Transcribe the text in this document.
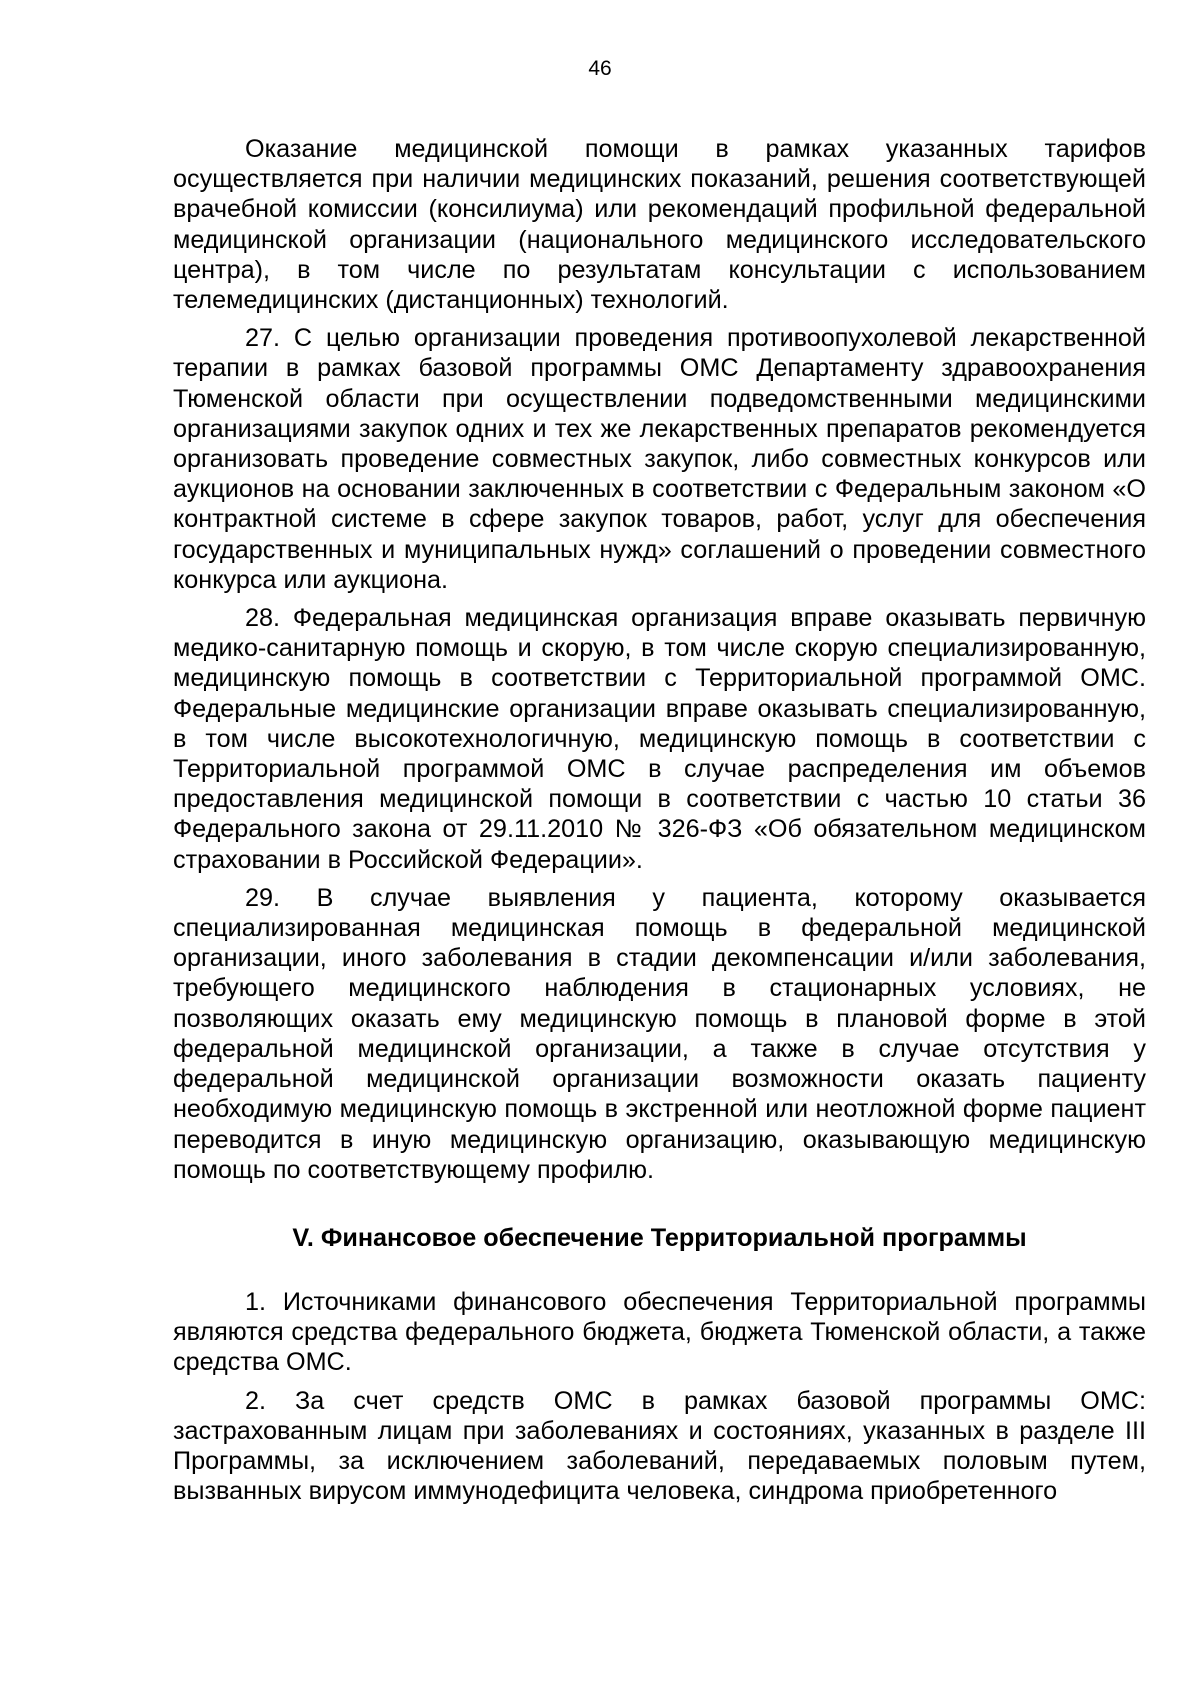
46

Оказание медицинской помощи в рамках указанных тарифов осуществляется при наличии медицинских показаний, решения соответствующей врачебной комиссии (консилиума) или рекомендаций профильной федеральной медицинской организации (национального медицинского исследовательского центра), в том числе по результатам консультации с использованием телемедицинских (дистанционных) технологий.

27. С целью организации проведения противоопухолевой лекарственной терапии в рамках базовой программы ОМС Департаменту здравоохранения Тюменской области при осуществлении подведомственными медицинскими организациями закупок одних и тех же лекарственных препаратов рекомендуется организовать проведение совместных закупок, либо совместных конкурсов или аукционов на основании заключенных в соответствии с Федеральным законом «О контрактной системе в сфере закупок товаров, работ, услуг для обеспечения государственных и муниципальных нужд» соглашений о проведении совместного конкурса или аукциона.

28. Федеральная медицинская организация вправе оказывать первичную медико-санитарную помощь и скорую, в том числе скорую специализированную, медицинскую помощь в соответствии с Территориальной программой ОМС. Федеральные медицинские организации вправе оказывать специализированную, в том числе высокотехнологичную, медицинскую помощь в соответствии с Территориальной программой ОМС в случае распределения им объемов предоставления медицинской помощи в соответствии с частью 10 статьи 36 Федерального закона от 29.11.2010 № 326-ФЗ «Об обязательном медицинском страховании в Российской Федерации».

29. В случае выявления у пациента, которому оказывается специализированная медицинская помощь в федеральной медицинской организации, иного заболевания в стадии декомпенсации и/или заболевания, требующего медицинского наблюдения в стационарных условиях, не позволяющих оказать ему медицинскую помощь в плановой форме в этой федеральной медицинской организации, а также в случае отсутствия у федеральной медицинской организации возможности оказать пациенту необходимую медицинскую помощь в экстренной или неотложной форме пациент переводится в иную медицинскую организацию, оказывающую медицинскую помощь по соответствующему профилю.

V. Финансовое обеспечение Территориальной программы

1. Источниками финансового обеспечения Территориальной программы являются средства федерального бюджета, бюджета Тюменской области, а также средства ОМС.

2. За счет средств ОМС в рамках базовой программы ОМС: застрахованным лицам при заболеваниях и состояниях, указанных в разделе III Программы, за исключением заболеваний, передаваемых половым путем, вызванных вирусом иммунодефицита человека, синдрома приобретенного
